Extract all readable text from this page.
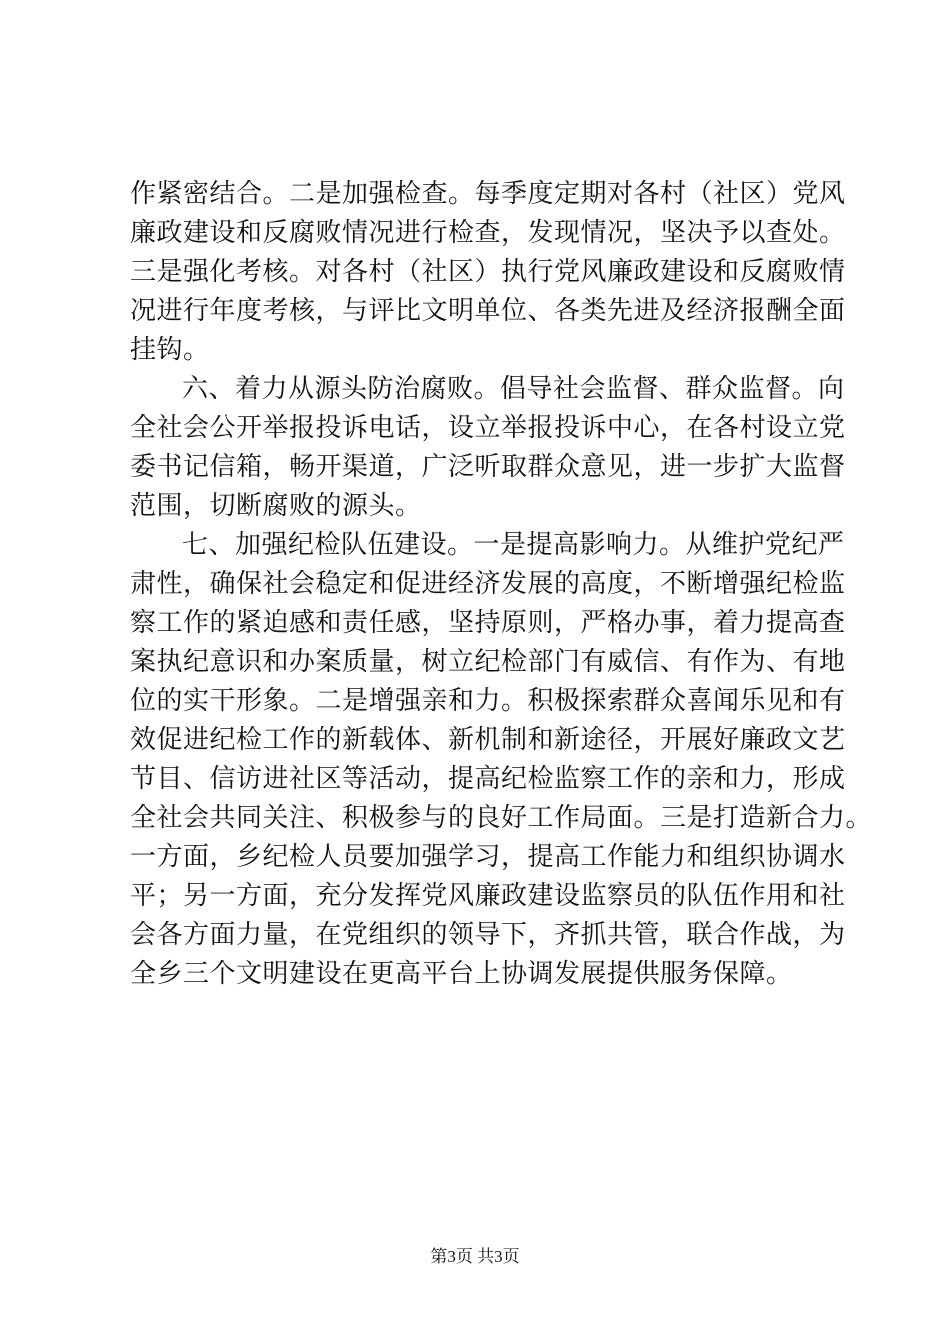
作紧密结合。二是加强检查。每季度定期对各村（社区）党风
廉政建设和反腐败情况进行检查，发现情况，坚决予以查处。
三是强化考核。对各村（社区）执行党风廉政建设和反腐败情
况进行年度考核，与评比文明单位、各类先进及经济报酬全面
挂钩。
六、着力从源头防治腐败。倡导社会监督、群众监督。向
全社会公开举报投诉电话，设立举报投诉中心，在各村设立党
委书记信箱，畅开渠道，广泛听取群众意见，进一步扩大监督
范围，切断腐败的源头。
七、加强纪检队伍建设。一是提高影响力。从维护党纪严
肃性，确保社会稳定和促进经济发展的高度，不断增强纪检监
察工作的紧迫感和责任感，坚持原则，严格办事，着力提高查
案执纪意识和办案质量，树立纪检部门有威信、有作为、有地
位的实干形象。二是增强亲和力。积极探索群众喜闻乐见和有
效促进纪检工作的新载体、新机制和新途径，开展好廉政文艺
节目、信访进社区等活动，提高纪检监察工作的亲和力，形成
全社会共同关注、积极参与的良好工作局面。三是打造新合力。
一方面，乡纪检人员要加强学习，提高工作能力和组织协调水
平；另一方面，充分发挥党风廉政建设监察员的队伍作用和社
会各方面力量，在党组织的领导下，齐抓共管，联合作战，为
全乡三个文明建设在更高平台上协调发展提供服务保障。
第3页 共3页
